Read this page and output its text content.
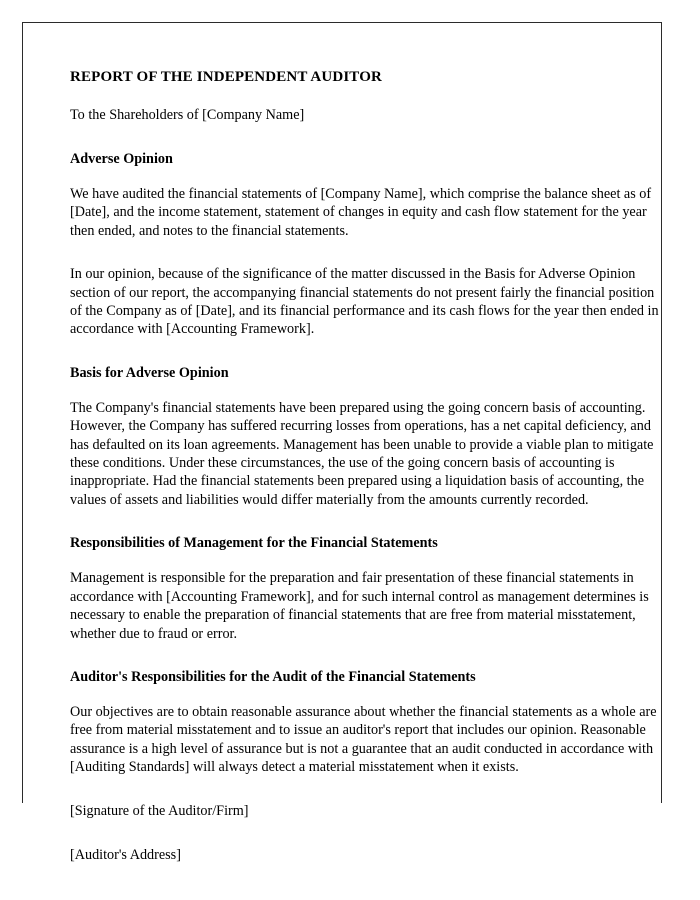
REPORT OF THE INDEPENDENT AUDITOR

To the Shareholders of [Company Name]

Adverse Opinion

We have audited the financial statements of [Company Name], which comprise the balance sheet as of [Date], and the income statement, statement of changes in equity and cash flow statement for the year then ended, and notes to the financial statements.

In our opinion, because of the significance of the matter discussed in the Basis for Adverse Opinion section of our report, the accompanying financial statements do not present fairly the financial position of the Company as of [Date], and its financial performance and its cash flows for the year then ended in accordance with [Accounting Framework].

Basis for Adverse Opinion

The Company's financial statements have been prepared using the going concern basis of accounting. However, the Company has suffered recurring losses from operations, has a net capital deficiency, and has defaulted on its loan agreements. Management has been unable to provide a viable plan to mitigate these conditions. Under these circumstances, the use of the going concern basis of accounting is inappropriate. Had the financial statements been prepared using a liquidation basis of accounting, the values of assets and liabilities would differ materially from the amounts currently recorded.

Responsibilities of Management for the Financial Statements

Management is responsible for the preparation and fair presentation of these financial statements in accordance with [Accounting Framework], and for such internal control as management determines is necessary to enable the preparation of financial statements that are free from material misstatement, whether due to fraud or error.

Auditor's Responsibilities for the Audit of the Financial Statements

Our objectives are to obtain reasonable assurance about whether the financial statements as a whole are free from material misstatement and to issue an auditor's report that includes our opinion. Reasonable assurance is a high level of assurance but is not a guarantee that an audit conducted in accordance with [Auditing Standards] will always detect a material misstatement when it exists.

[Signature of the Auditor/Firm]

[Auditor's Address]
